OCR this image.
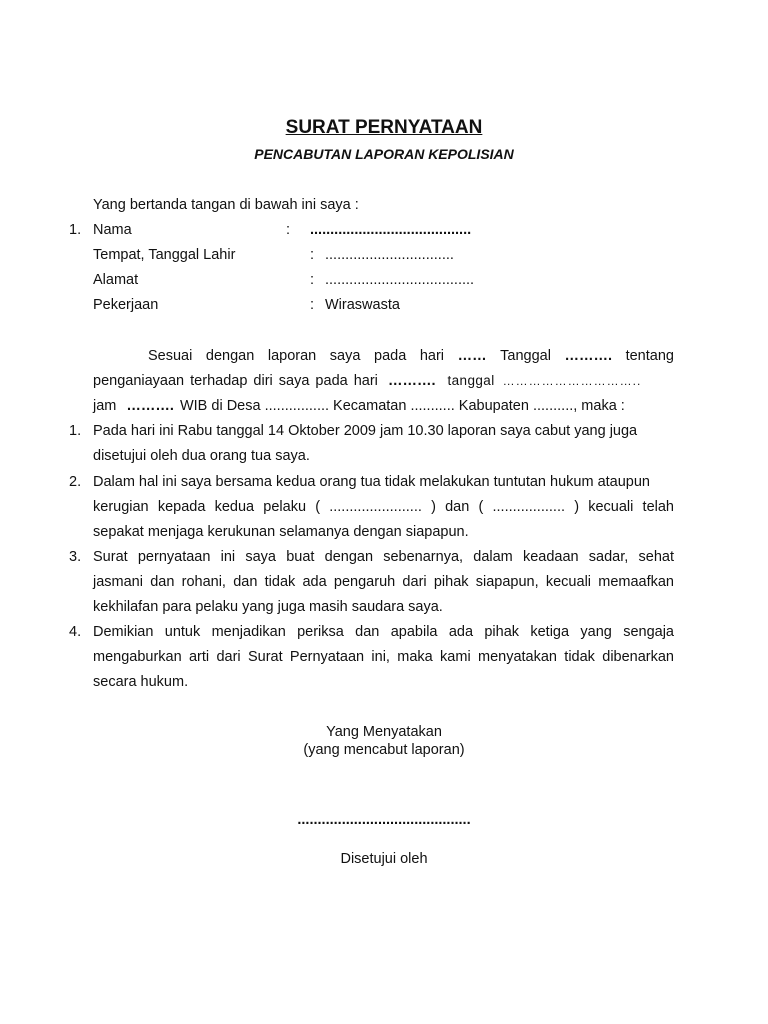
SURAT PERNYATAAN
PENCABUTAN LAPORAN KEPOLISIAN
Yang bertanda tangan di bawah ini saya :
1. Nama	: ........................................
Tempat, Tanggal Lahir	: ................................
Alamat	: .....................................
Pekerjaan	: Wiraswasta
Sesuai dengan laporan saya pada hari …… Tanggal ………. tentang
penganiayaan terhadap diri saya pada hari ………. tanggal …………………………..
jam ………. WIB di Desa ................ Kecamatan ........... Kabupaten .........., maka :
1. Pada hari ini Rabu tanggal 14 Oktober 2009 jam 10.30 laporan saya cabut yang juga
disetujui oleh dua orang tua saya.
2. Dalam hal ini saya bersama kedua orang tua tidak melakukan tuntutan hukum ataupun
kerugian kepada kedua pelaku ( ....................... ) dan ( .................. ) kecuali telah
sepakat menjaga kerukunan selamanya dengan siapapun.
3. Surat pernyataan ini saya buat dengan sebenarnya, dalam keadaan sadar, sehat
jasmani dan rohani, dan tidak ada pengaruh dari pihak siapapun, kecuali memaafkan
kekhilafan para pelaku yang juga masih saudara saya.
4. Demikian untuk menjadikan periksa dan apabila ada pihak ketiga yang sengaja
mengaburkan arti dari Surat Pernyataan ini, maka kami menyatakan tidak dibenarkan
secara hukum.
Yang Menyatakan
(yang mencabut laporan)
...........................................
Disetujui oleh
